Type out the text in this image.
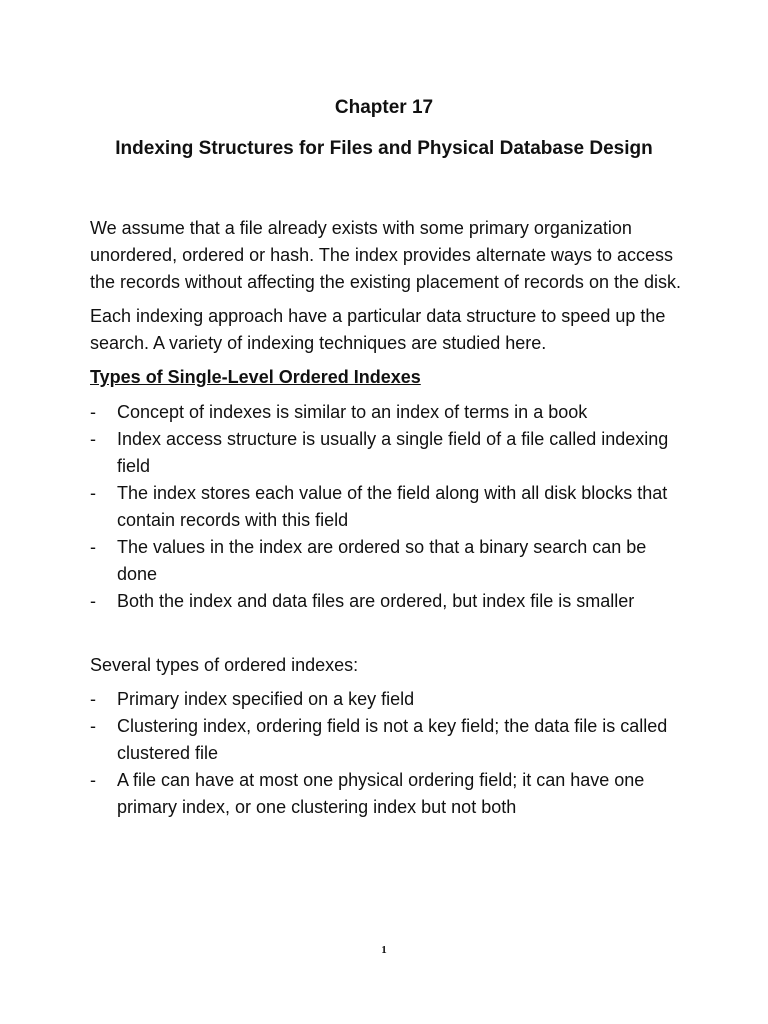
Chapter 17
Indexing Structures for Files and Physical Database Design

We assume that a file already exists with some primary organization unordered, ordered or hash. The index provides alternate ways to access the records without affecting the existing placement of records on the disk.

Each indexing approach have a particular data structure to speed up the search. A variety of indexing techniques are studied here.

Types of Single-Level Ordered Indexes
-	Concept of indexes is similar to an index of terms in a book
-	Index access structure is usually a single field of a file called indexing field
-	The index stores each value of the field along with all disk blocks that contain records with this field
-	The values in the index are ordered so that a binary search can be done
-	Both the index and data files are ordered, but index file is smaller

Several types of ordered indexes:

-	Primary index specified on a key field
-	Clustering index, ordering field is not a key field; the data file is called clustered file
-	A file can have at most one physical ordering field; it can have one primary index, or one clustering index but not both
1
